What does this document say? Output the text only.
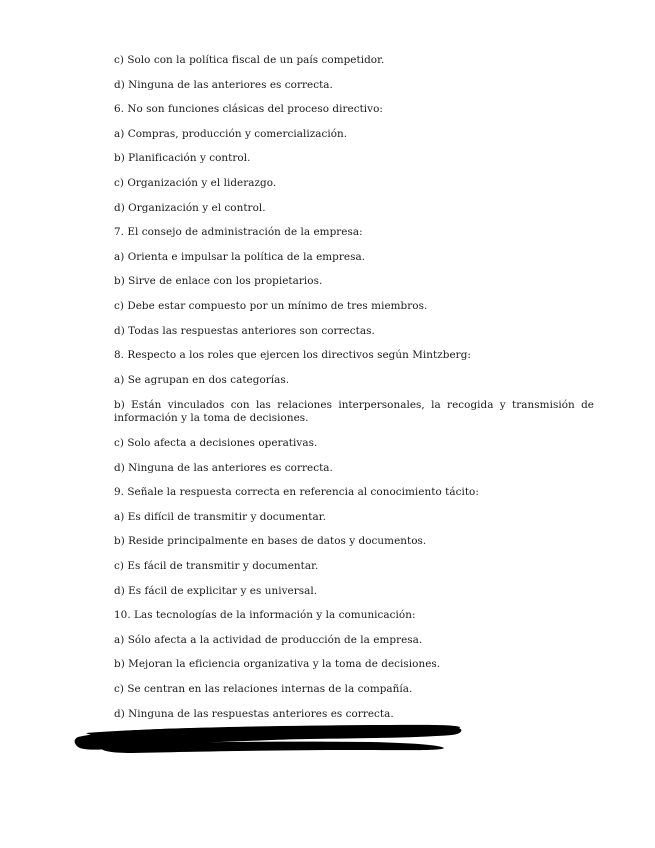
c) Solo con la política fiscal de un país competidor.
d) Ninguna de las anteriores es correcta.
6. No son funciones clásicas del proceso directivo:
a) Compras, producción y comercialización.
b) Planificación y control.
c) Organización y el liderazgo.
d) Organización y el control.
7. El consejo de administración de la empresa:
a) Orienta e impulsar la política de la empresa.
b) Sirve de enlace con los propietarios.
c) Debe estar compuesto por un mínimo de tres miembros.
d) Todas las respuestas anteriores son correctas.
8. Respecto a los roles que ejercen los directivos según Mintzberg:
a) Se agrupan en dos categorías.
b) Están vinculados con las relaciones interpersonales, la recogida y transmisión de información y la toma de decisiones.
c) Solo afecta a decisiones operativas.
d) Ninguna de las anteriores es correcta.
9. Señale la respuesta correcta en referencia al conocimiento tácito:
a) Es difícil de transmitir y documentar.
b) Reside principalmente en bases de datos y documentos.
c) Es fácil de transmitir y documentar.
d) Es fácil de explicitar y es universal.
10. Las tecnologías de la información y la comunicación:
a) Sólo afecta a la actividad de producción de la empresa.
b) Mejoran la eficiencia organizativa y la toma de decisiones.
c) Se centran en las relaciones internas de la compañía.
d) Ninguna de las respuestas anteriores es correcta.
